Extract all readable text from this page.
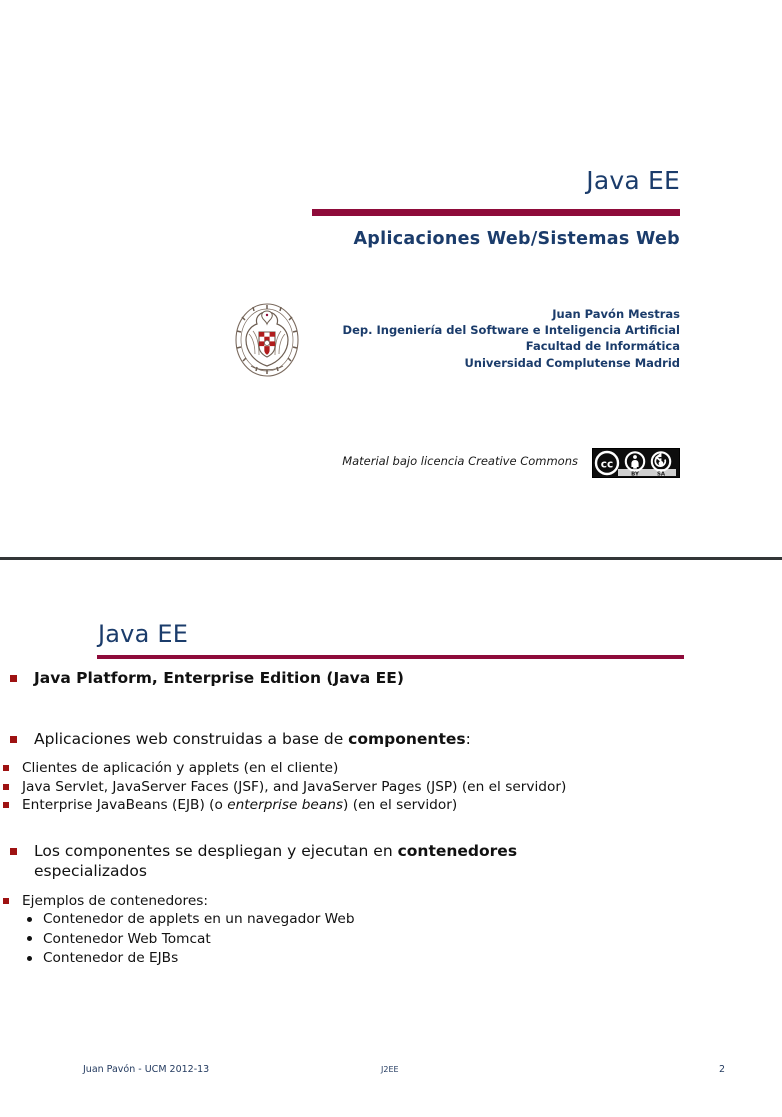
Java EE
Aplicaciones Web/Sistemas Web
Juan Pavón Mestras
Dep. Ingeniería del Software e Inteligencia Artificial
Facultad de Informática
Universidad Complutense Madrid
Material bajo licencia Creative Commons cc
BY	SA
Java EE
Java Platform, Enterprise Edition (Java EE)
Aplicaciones web construidas a base de componentes:
Clientes de aplicación y applets (en el cliente)
Java Servlet, JavaServer Faces (JSF), and JavaServer Pages (JSP) (en el servidor)
Enterprise JavaBeans (EJB) (o enterprise beans) (en el servidor)
Los componentes se despliegan y ejecutan en contenedores especializados
Ejemplos de contenedores:
Contenedor de applets en un navegador Web
Contenedor Web Tomcat
Contenedor de EJBs
Juan Pavón - UCM 2012-13	J2EE	2
